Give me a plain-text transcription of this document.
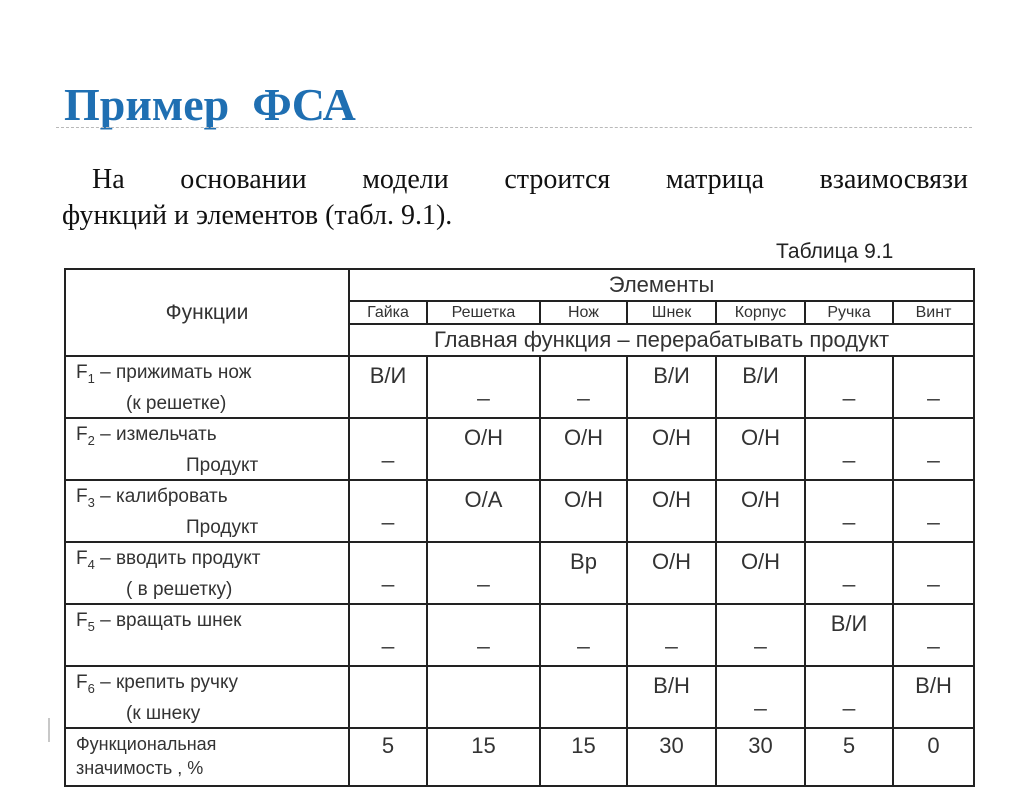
Пример  ФСА

На основании модели строится матрица взаимосвязи
функций и элементов (табл. 9.1).

Таблица 9.1
Функции	Элементы						
	Гайка	Решетка	Нож	Шнек	Корпус	Ручка	Винт
	Главная функция – перерабатывать продукт						

$F_1$ – прижимать нож
(к решетке)	В/И	_	_	В/И	В/И	_	_

$F_2$ – измельчать
Продукт	_	О/Н	О/Н	О/Н	О/Н	_	_

$F_3$ – калибровать
Продукт	_	О/А	О/Н	О/Н	О/Н	_	_

$F_4$ – вводить продукт
( в решетку)	_	_	Вр	О/Н	О/Н	_	_

$F_5$ – вращать шнек	_	_	_	_	_	В/И	_

$F_6$ – крепить ручку
(к шнеку				В/Н	_	_	В/Н

Функциональная
значимость , %	5	15	15	30	30	5	0
